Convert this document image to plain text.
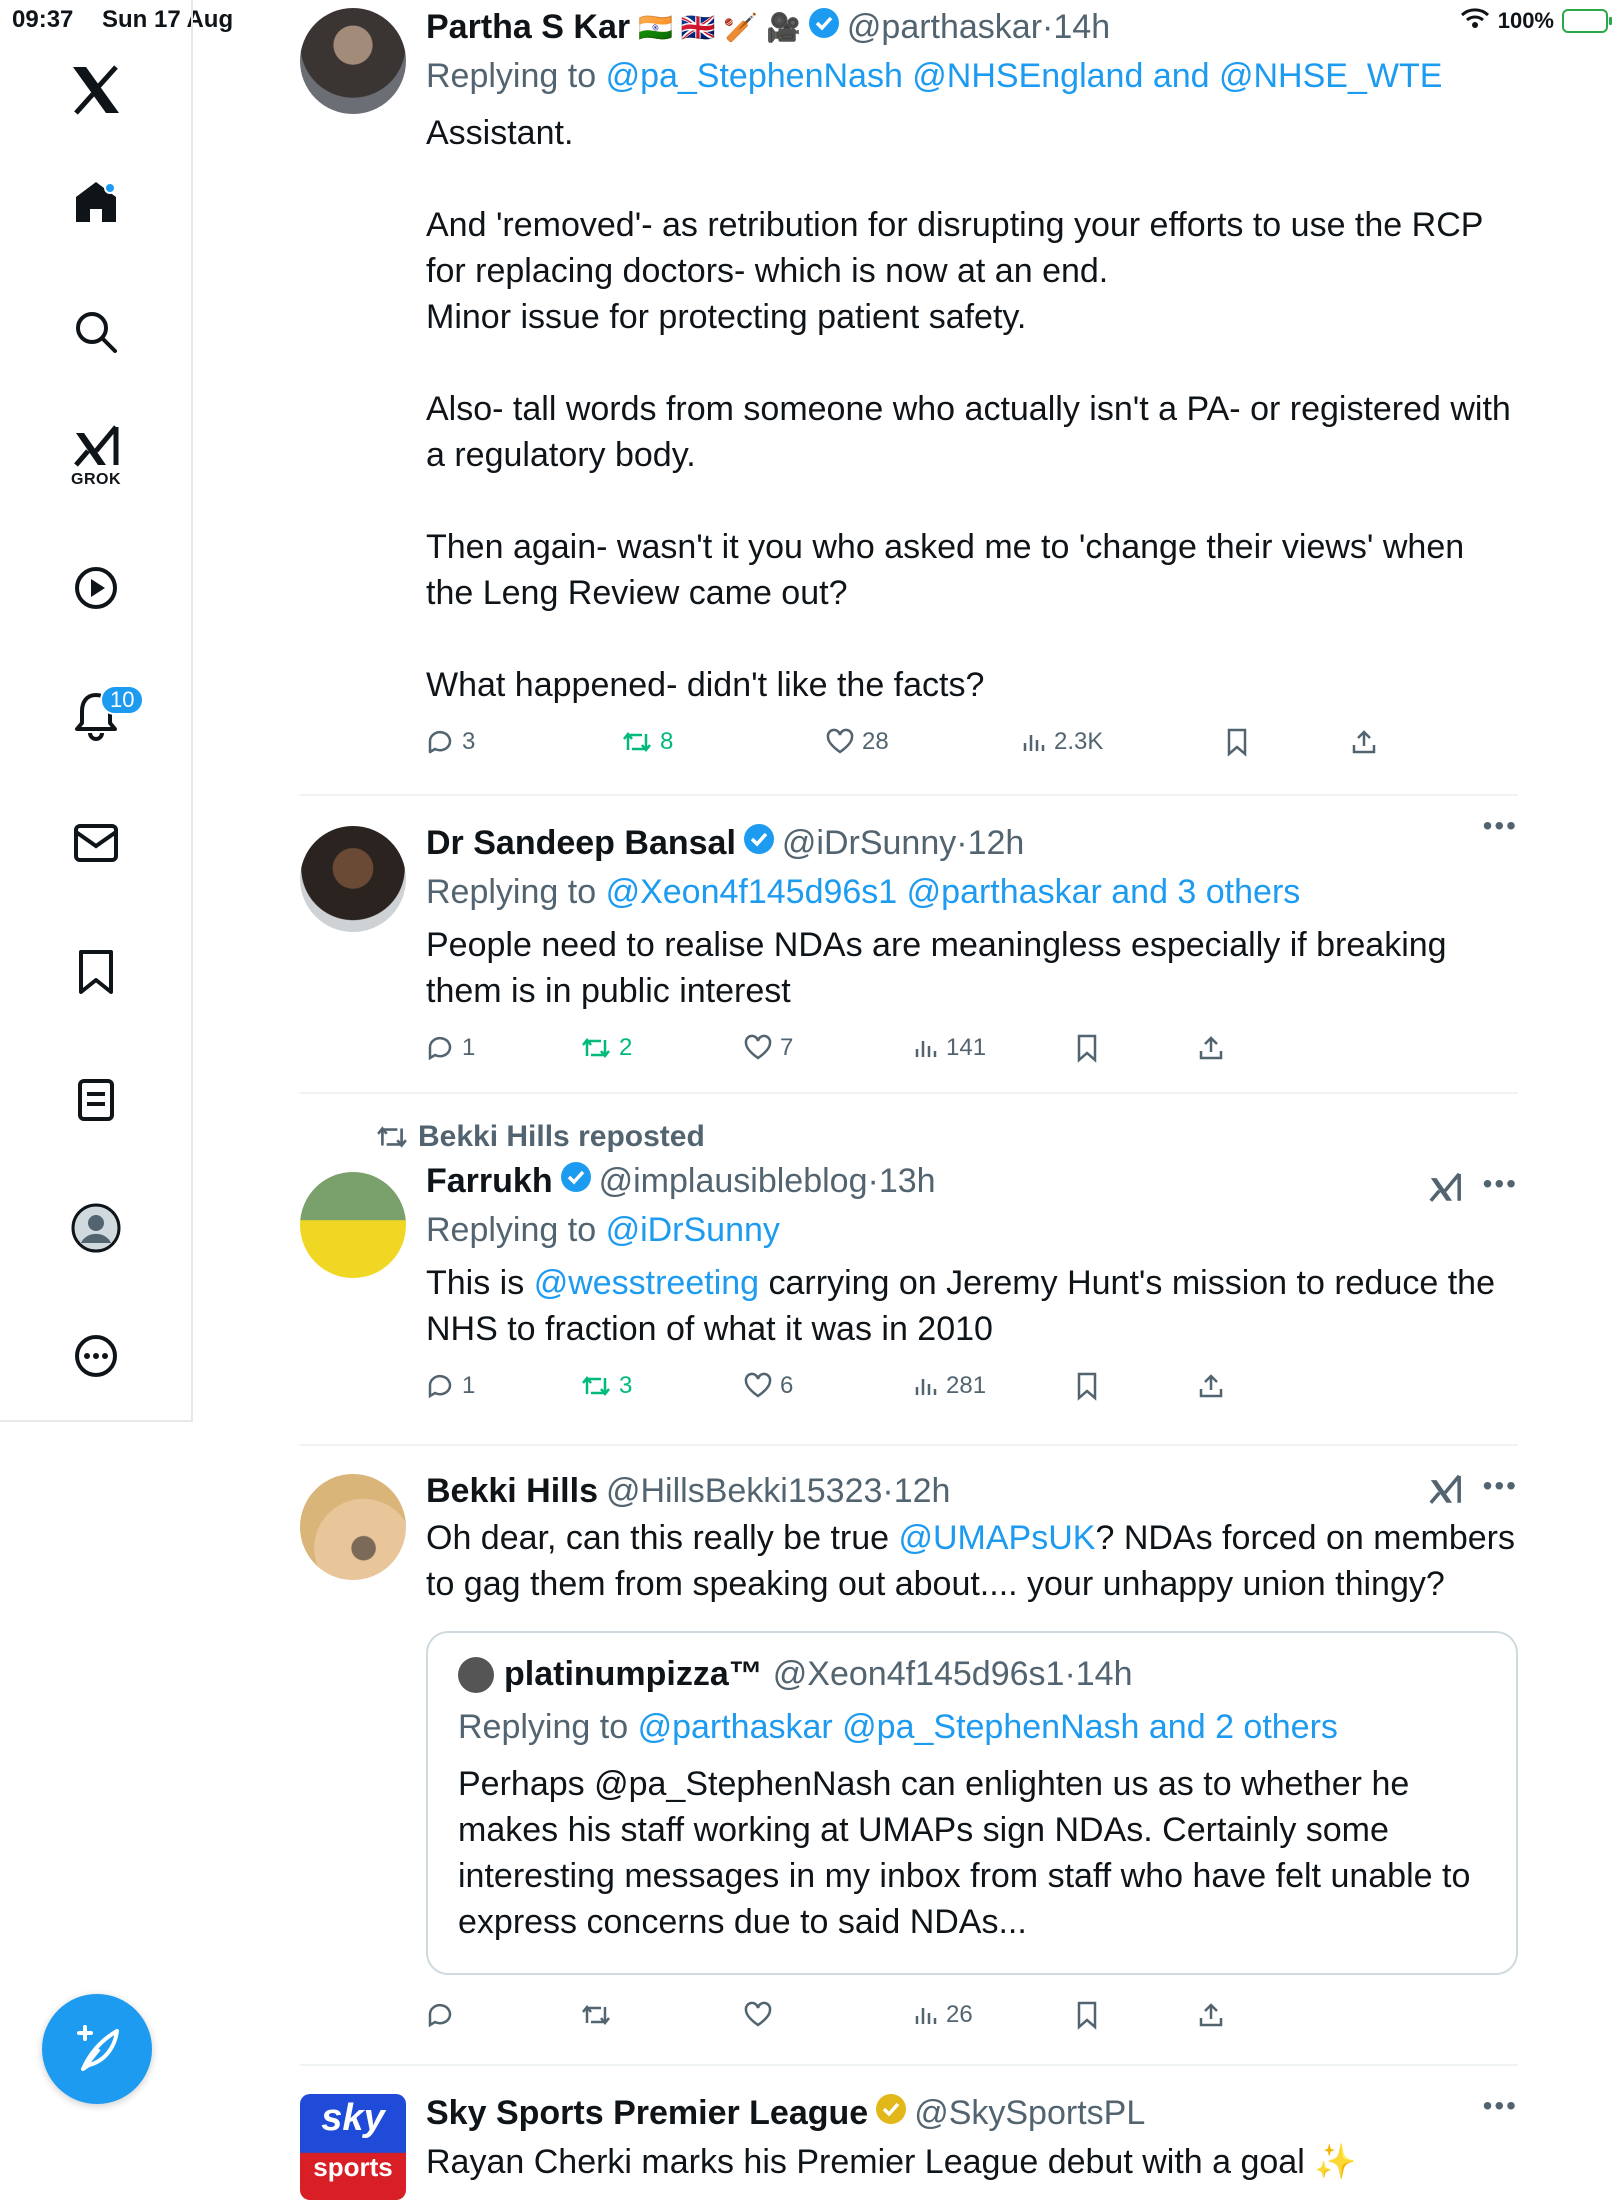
09:37 Sun 17 Aug	100%
GROK
10
Partha S Kar 🇮🇳 🇬🇧 🏏 🎥 @parthaskar · 14h
Replying to @pa_StephenNash @NHSEngland and @NHSE_WTE
Assistant.

And 'removed'- as retribution for disrupting your efforts to use the RCP for replacing doctors- which is now at an end.
Minor issue for protecting patient safety.

Also- tall words from someone who actually isn't a PA- or registered with a regulatory body.

Then again- wasn't it you who asked me to 'change their views' when the Leng Review came out?

What happened- didn't like the facts?
3	8	28	2.3K
Dr Sandeep Bansal @iDrSunny · 12h	•••
Replying to @Xeon4f145d96s1 @parthaskar and 3 others
People need to realise NDAs are meaningless especially if breaking them is in public interest
1	2	7	141
Bekki Hills reposted
Farrukh @implausibleblog · 13h	•••
Replying to @iDrSunny
This is @wesstreeting carrying on Jeremy Hunt's mission to reduce the NHS to fraction of what it was in 2010
1	3	6	281
Bekki Hills @HillsBekki15323 · 12h	•••
Oh dear, can this really be true @UMAPsUK? NDAs forced on members to gag them from speaking out about.... your unhappy union thingy?
platinumpizza™ @Xeon4f145d96s1 · 14h
Replying to @parthaskar @pa_StephenNash and 2 others
Perhaps @pa_StephenNash can enlighten us as to whether he makes his staff working at UMAPs sign NDAs. Certainly some interesting messages in my inbox from staff who have felt unable to express concerns due to said NDAs...
26
sky
sports
Sky Sports Premier League @SkySportsPL	•••
Rayan Cherki marks his Premier League debut with a goal ✨
